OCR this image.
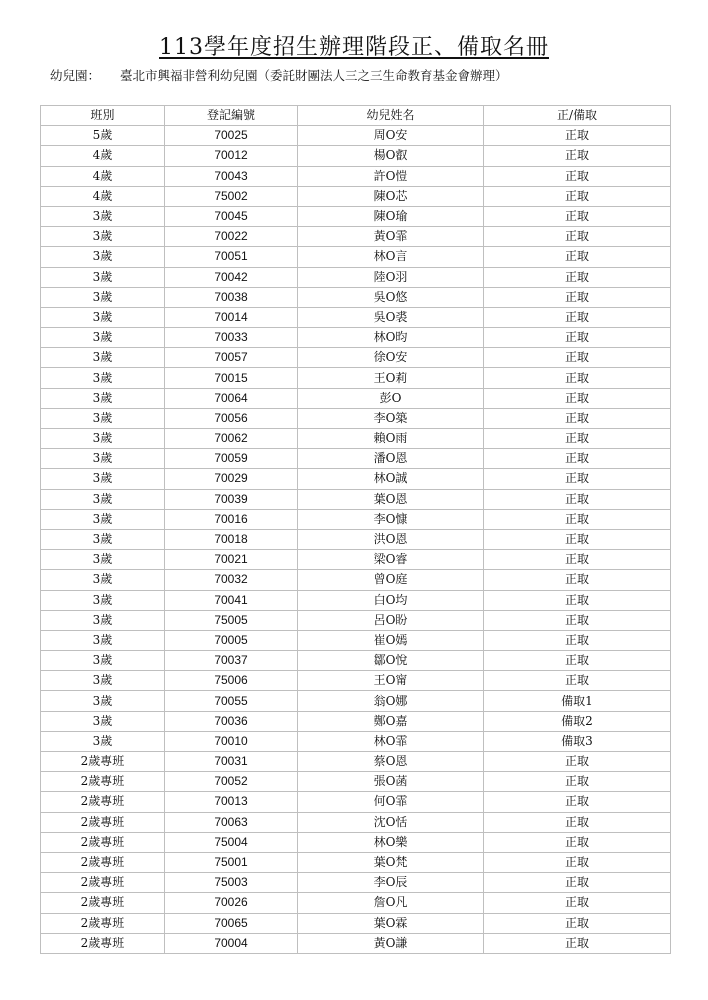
113學年度招生辦理階段正、備取名冊
幼兒園： 臺北市興福非營利幼兒園（委託財團法人三之三生命教育基金會辦理）
班別	登記編號	幼兒姓名	正/備取
5歲	70025	周O安	正取
4歲	70012	楊O叡	正取
4歲	70043	許O愷	正取
4歲	75002	陳O芯	正取
3歲	70045	陳O瑜	正取
3歲	70022	黃O霏	正取
3歲	70051	林O言	正取
3歲	70042	陸O羽	正取
3歲	70038	吳O悠	正取
3歲	70014	吳O裘	正取
3歲	70033	林O昀	正取
3歲	70057	徐O安	正取
3歲	70015	王O莉	正取
3歲	70064	彭O	正取
3歲	70056	李O築	正取
3歲	70062	賴O雨	正取
3歲	70059	潘O恩	正取
3歲	70029	林O誠	正取
3歲	70039	葉O恩	正取
3歲	70016	李O慷	正取
3歲	70018	洪O恩	正取
3歲	70021	梁O睿	正取
3歲	70032	曾O庭	正取
3歲	70041	白O均	正取
3歲	75005	呂O盼	正取
3歲	70005	崔O嫣	正取
3歲	70037	鄒O悅	正取
3歲	75006	王O甯	正取
3歲	70055	翁O娜	備取1
3歲	70036	鄭O嘉	備取2
3歲	70010	林O霏	備取3
2歲專班	70031	蔡O恩	正取
2歲專班	70052	張O菡	正取
2歲專班	70013	何O霏	正取
2歲專班	70063	沈O恬	正取
2歲專班	75004	林O樂	正取
2歲專班	75001	葉O梵	正取
2歲專班	75003	李O辰	正取
2歲專班	70026	詹O凡	正取
2歲專班	70065	葉O霖	正取
2歲專班	70004	黃O謙	正取
